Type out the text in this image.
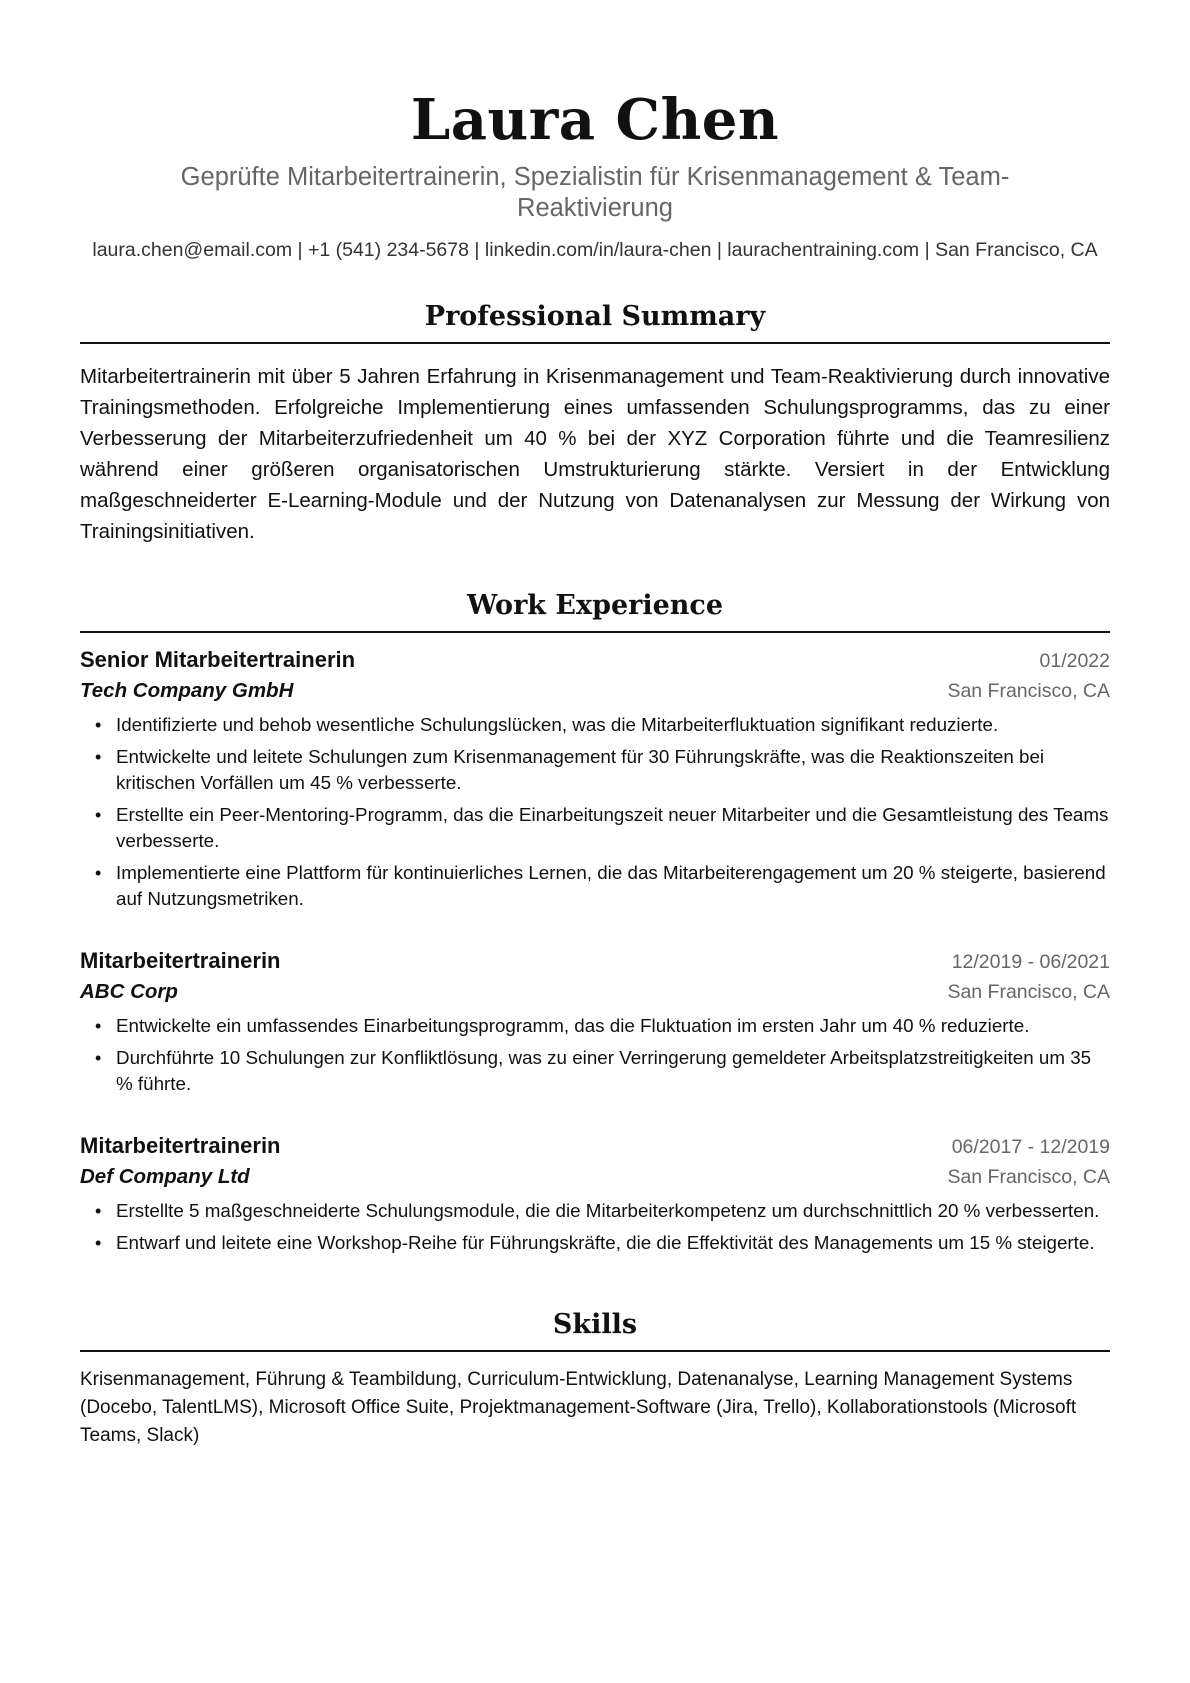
Laura Chen
Geprüfte Mitarbeitertrainerin, Spezialistin für Krisenmanagement & Team-Reaktivierung
laura.chen@email.com | +1 (541) 234-5678 | linkedin.com/in/laura-chen | laurachentraining.com | San Francisco, CA
Professional Summary
Mitarbeitertrainerin mit über 5 Jahren Erfahrung in Krisenmanagement und Team-Reaktivierung durch innovative Trainingsmethoden. Erfolgreiche Implementierung eines umfassenden Schulungsprogramms, das zu einer Verbesserung der Mitarbeiterzufriedenheit um 40 % bei der XYZ Corporation führte und die Teamresilienz während einer größeren organisatorischen Umstrukturierung stärkte. Versiert in der Entwicklung maßgeschneiderter E-Learning-Module und der Nutzung von Datenanalysen zur Messung der Wirkung von Trainingsinitiativen.
Work Experience
Senior Mitarbeitertrainerin	01/2022
Tech Company GmbH	San Francisco, CA
• Identifizierte und behob wesentliche Schulungslücken, was die Mitarbeiterfluktuation signifikant reduzierte.
• Entwickelte und leitete Schulungen zum Krisenmanagement für 30 Führungskräfte, was die Reaktionszeiten bei kritischen Vorfällen um 45 % verbesserte.
• Erstellte ein Peer-Mentoring-Programm, das die Einarbeitungszeit neuer Mitarbeiter und die Gesamtleistung des Teams verbesserte.
• Implementierte eine Plattform für kontinuierliches Lernen, die das Mitarbeiterengagement um 20 % steigerte, basierend auf Nutzungsmetriken.
Mitarbeitertrainerin	12/2019 - 06/2021
ABC Corp	San Francisco, CA
• Entwickelte ein umfassendes Einarbeitungsprogramm, das die Fluktuation im ersten Jahr um 40 % reduzierte.
• Durchführte 10 Schulungen zur Konfliktlösung, was zu einer Verringerung gemeldeter Arbeitsplatzstreitigkeiten um 35 % führte.
Mitarbeitertrainerin	06/2017 - 12/2019
Def Company Ltd	San Francisco, CA
• Erstellte 5 maßgeschneiderte Schulungsmodule, die die Mitarbeiterkompetenz um durchschnittlich 20 % verbesserten.
• Entwarf und leitete eine Workshop-Reihe für Führungskräfte, die die Effektivität des Managements um 15 % steigerte.
Skills
Krisenmanagement, Führung & Teambildung, Curriculum-Entwicklung, Datenanalyse, Learning Management Systems (Docebo, TalentLMS), Microsoft Office Suite, Projektmanagement-Software (Jira, Trello), Kollaborationstools (Microsoft Teams, Slack)
